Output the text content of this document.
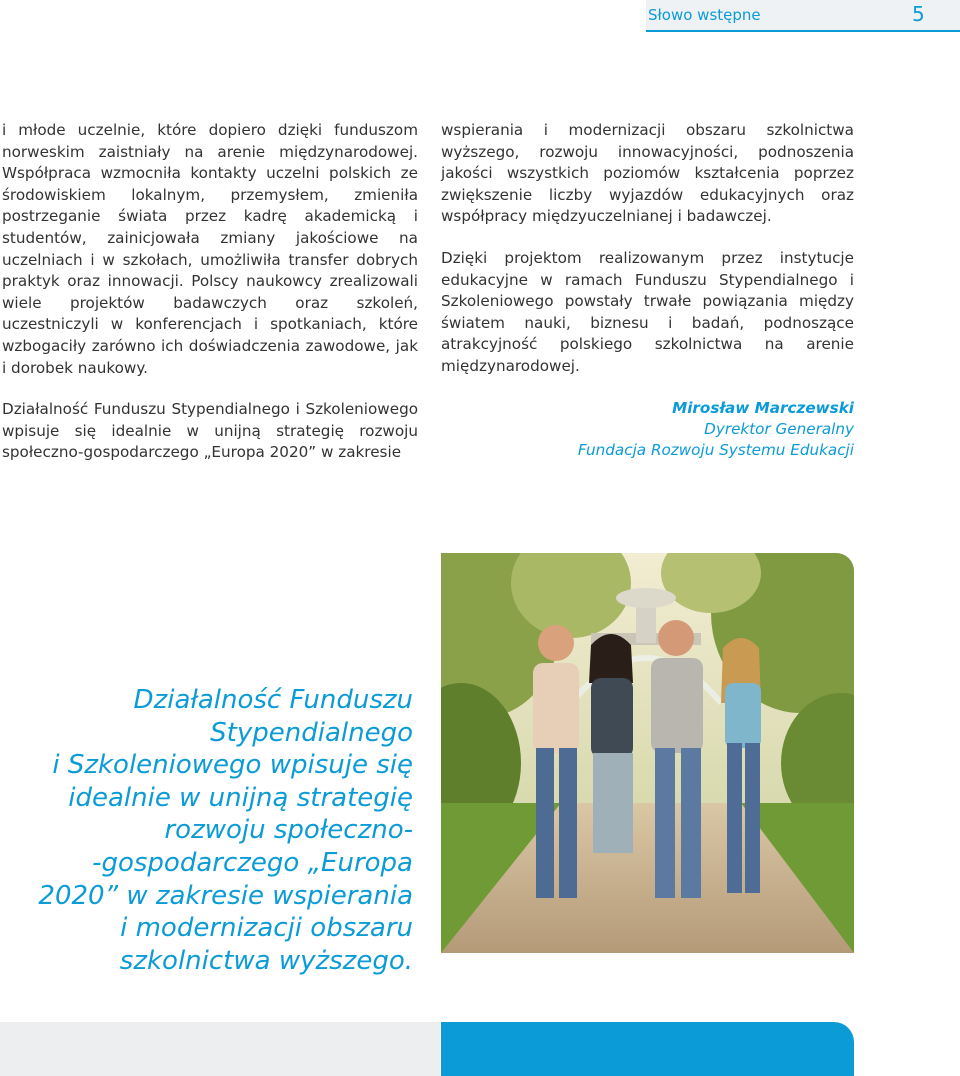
Słowo wstępne	5

i młode uczelnie, które dopiero dzięki funduszom norweskim zaistniały na arenie międzynarodowej. Współpraca wzmocniła kontakty uczelni polskich ze środowiskiem lokalnym, przemysłem, zmieniła postrzeganie świata przez kadrę akademicką i studentów, zainicjowała zmiany jakościowe na uczelniach i w szkołach, umożliwiła transfer dobrych praktyk oraz innowacji. Polscy naukowcy zrealizowali wiele projektów badawczych oraz szkoleń, uczestniczyli w konferencjach i spotkaniach, które wzbogaciły zarówno ich doświadczenia zawodowe, jak i dorobek naukowy.

Działalność Funduszu Stypendialnego i Szkoleniowego wpisuje się idealnie w unijną strategię rozwoju społeczno-gospodarczego „Europa 2020” w zakresie

wspierania i modernizacji obszaru szkolnictwa wyższego, rozwoju innowacyjności, podnoszenia jakości wszystkich poziomów kształcenia poprzez zwiększenie liczby wyjazdów edukacyjnych oraz współpracy międzyuczelnianej i badawczej.

Dzięki projektom realizowanym przez instytucje edukacyjne w ramach Funduszu Stypendialnego i Szkoleniowego powstały trwałe powiązania między światem nauki, biznesu i badań, podnoszące atrakcyjność polskiego szkolnictwa na arenie międzynarodowej.

Mirosław Marczewski
Dyrektor Generalny
Fundacja Rozwoju Systemu Edukacji
Działalność Funduszu
Stypendialnego
i Szkoleniowego wpisuje się
idealnie w unijną strategię
rozwoju społeczno-
-gospodarczego „Europa
2020” w zakresie wspierania
i modernizacji obszaru
szkolnictwa wyższego.
